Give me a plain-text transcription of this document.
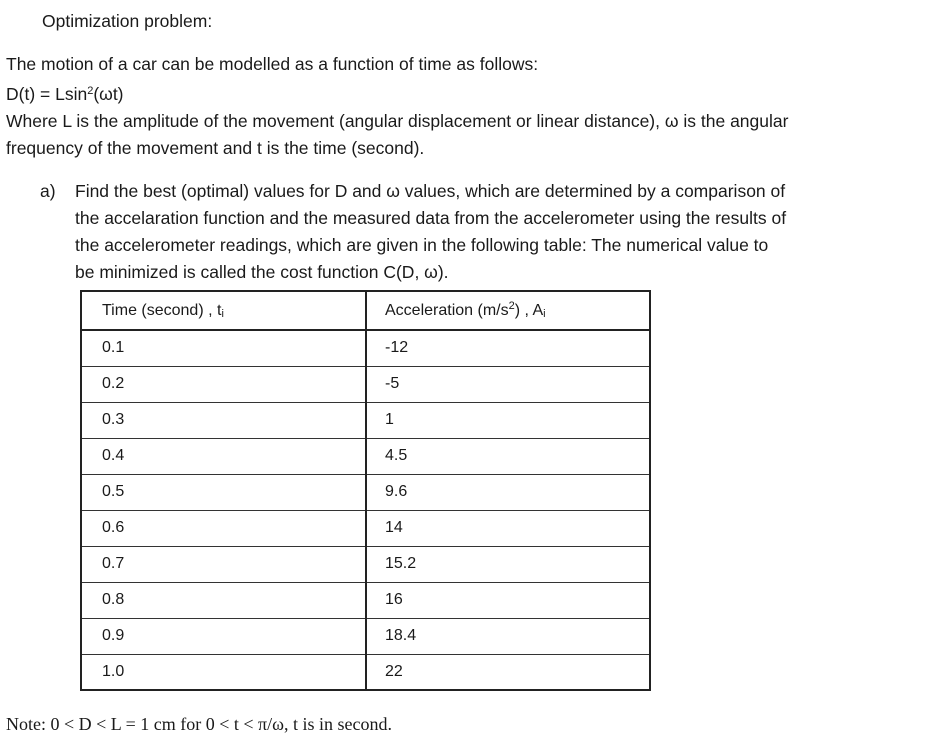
Optimization problem:
The motion of a car can be modelled as a function of time as follows:
D(t) = Lsin$^2$(ωt)
Where L is the amplitude of the movement (angular displacement or linear distance), ω is the angular
frequency of the movement and t is the time (second).
a) Find the best (optimal) values for D and ω values, which are determined by a comparison of
the accelaration function and the measured data from the accelerometer using the results of
the accelerometer readings, which are given in the following table: The numerical value to
be minimized is called the cost function C(D, ω).
Time (second) , $t_i$	Acceleration $(m/s^2)$ , $A_i$
0.1	-12
0.2	-5
0.3	1
0.4	4.5
0.5	9.6
0.6	14
0.7	15.2
0.8	16
0.9	18.4
1.0	22
Note: 0 < D < L = 1 cm for 0 < t < π/ω, t is in second.
